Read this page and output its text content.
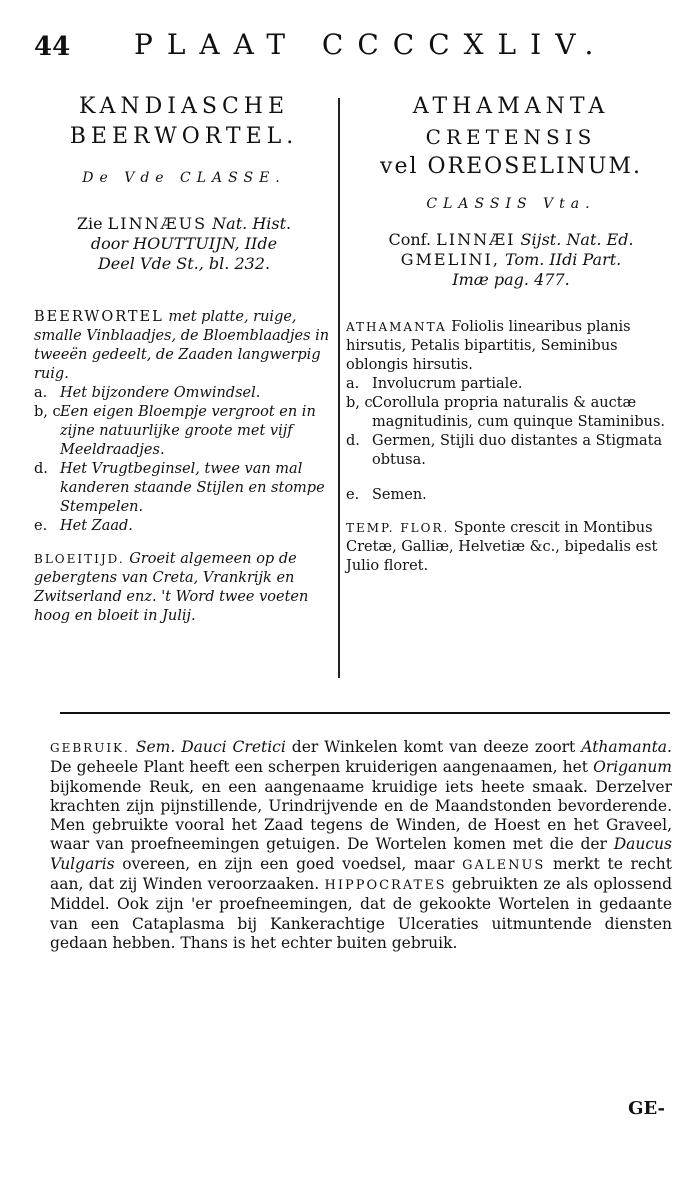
44 PLAAT CCCCXLIV.
KANDIASCHE
BEERWORTEL.
De Vde CLASSE.
Zie LINNÆUS Nat. Hist.
door HOUTTUIJN, IIde
Deel Vde St., bl. 232.
BEERWORTEL met platte, ruige, smalle Vinblaadjes, de Bloemblaadjes in tweeën gedeelt, de Zaaden langwerpig ruig.
a. Het bijzondere Omwindsel.
b, c Een eigen Bloempje vergroot en in zijne natuurlijke groote met vijf Meeldraadjes.
d. Het Vrugtbeginsel, twee van mal kanderen staande Stijlen en stompe Stempelen.
e. Het Zaad.
BLOEITIJD. Groeit algemeen op de gebergtens van Creta, Vrankrijk en Zwitserland enz. 't Word twee voeten hoog en bloeit in Julij.
ATHAMANTA
CRETENSIS
vel OREOSELINUM.
CLASSIS Vta.
Conf. LINNÆI Sijst. Nat. Ed.
GMELINI, Tom. IIdi Part.
Imæ pag. 477.
ATHAMANTA Foliolis linearibus planis hirsutis, Petalis bipartitis, Seminibus oblongis hirsutis.
a. Involucrum partiale.
b, c.
Corollula propria naturalis & auctæ magnitudinis, cum quinque Staminibus.
d. Germen, Stijli duo distantes a Stigmata obtusa.
e. Semen.
TEMP. FLOR. Sponte crescit in Montibus Cretæ, Galliæ, Helvetiæ &c., bipedalis est Julio floret.
GEBRUIK. Sem. Dauci Cretici der Winkelen komt van deeze zoort Athamanta. De geheele Plant heeft een scherpen kruiderigen aangenaamen, het Origanum bijkomende Reuk, en een aangenaame kruidige iets heete smaak. Derzelver krachten zijn pijnstillende, Urindrijvende en de Maandstonden bevorderende. Men gebruikte vooral het Zaad tegens de Winden, de Hoest en het Graveel, waar van proefneemingen getuigen. De Wortelen komen met die der Daucus Vulgaris overeen, en zijn een goed voedsel, maar GALENUS merkt te recht aan, dat zij Winden veroorzaaken. HIPPOCRATES gebruikten ze als oplossend Middel. Ook zijn 'er proefneemingen, dat de gekookte Wortelen in gedaante van een Cataplasma bij Kankerachtige Ulceraties uitmuntende diensten gedaan hebben. Thans is het echter buiten gebruik.
GE-
